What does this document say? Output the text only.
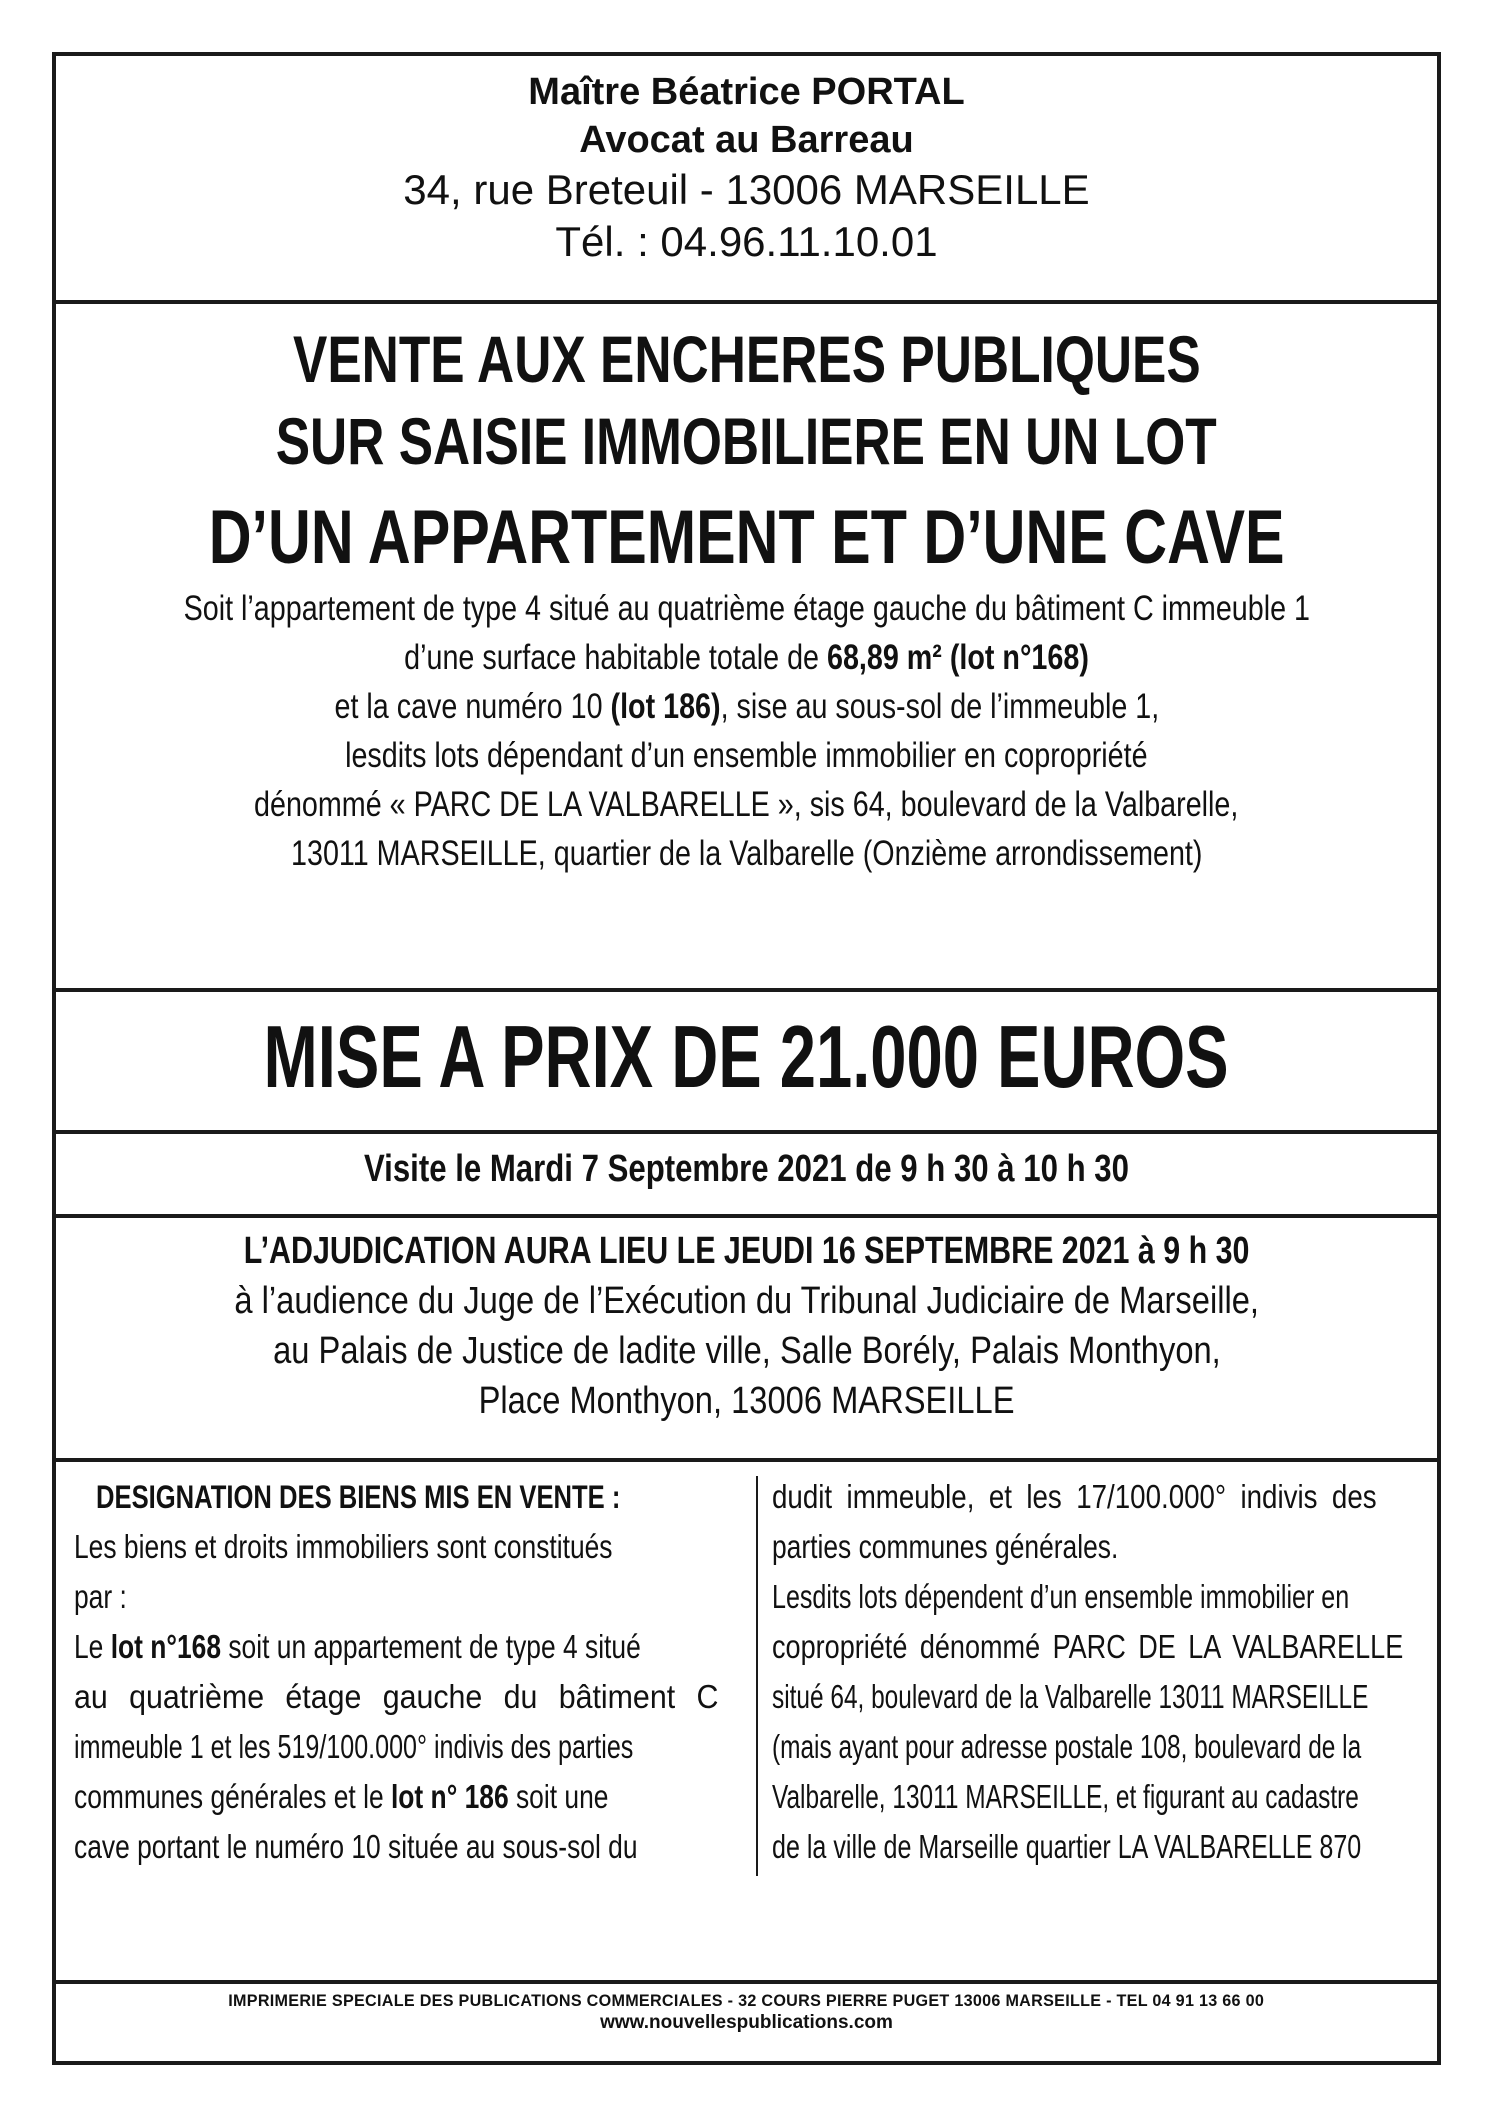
Maître Béatrice PORTAL
Avocat au Barreau
34, rue Breteuil - 13006 MARSEILLE
Tél. : 04.96.11.10.01
VENTE AUX ENCHERES PUBLIQUES
SUR SAISIE IMMOBILIERE EN UN LOT
D’UN APPARTEMENT ET D’UNE CAVE
Soit l’appartement de type 4 situé au quatrième étage gauche du bâtiment C immeuble 1
d’une surface habitable totale de 68,89 m² (lot n°168)
et la cave numéro 10 (lot 186), sise au sous-sol de l’immeuble 1,
lesdits lots dépendant d’un ensemble immobilier en copropriété
dénommé « PARC DE LA VALBARELLE », sis 64, boulevard de la Valbarelle,
13011 MARSEILLE, quartier de la Valbarelle (Onzième arrondissement)
MISE A PRIX DE 21.000 EUROS
Visite le Mardi 7 Septembre 2021 de 9 h 30 à 10 h 30
L’ADJUDICATION AURA LIEU LE JEUDI 16 SEPTEMBRE 2021 à 9 h 30
à l’audience du Juge de l’Exécution du Tribunal Judiciaire de Marseille,
au Palais de Justice de ladite ville, Salle Borély, Palais Monthyon,
Place Monthyon, 13006 MARSEILLE
DESIGNATION DES BIENS MIS EN VENTE :
Les biens et droits immobiliers sont constitués
par :
Le lot n°168 soit un appartement de type 4 situé
au quatrième étage gauche du bâtiment C
immeuble 1 et les 519/100.000° indivis des parties
communes générales et le lot n° 186 soit une
cave portant le numéro 10 située au sous-sol du
dudit immeuble, et les 17/100.000° indivis des
parties communes générales.
Lesdits lots dépendent d’un ensemble immobilier en
copropriété dénommé PARC DE LA VALBARELLE
situé 64, boulevard de la Valbarelle 13011 MARSEILLE
(mais ayant pour adresse postale 108, boulevard de la
Valbarelle, 13011 MARSEILLE, et figurant au cadastre
de la ville de Marseille quartier LA VALBARELLE 870
IMPRIMERIE SPECIALE DES PUBLICATIONS COMMERCIALES - 32 COURS PIERRE PUGET 13006 MARSEILLE - TEL 04 91 13 66 00
www.nouvellespublications.com
